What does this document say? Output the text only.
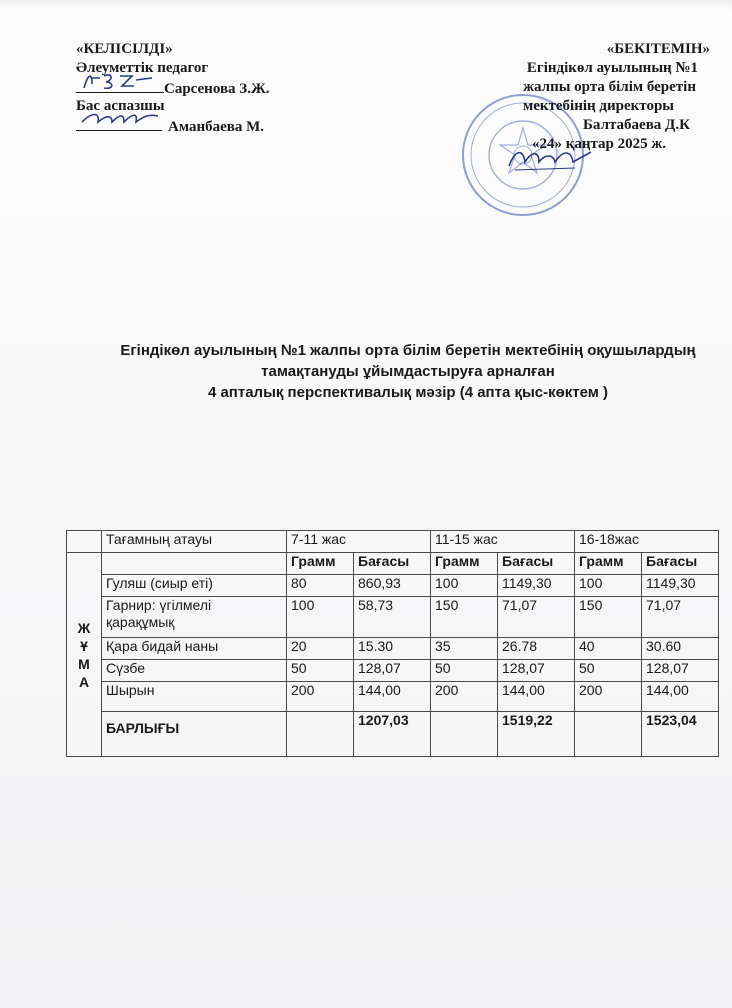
«КЕЛІСІЛДІ»
Әлеуметтік педагог
Сарсенова З.Ж.
Бас аспазшы
Аманбаева М.
«БЕКІТЕМІН»
Егіндікөл ауылының №1
жалпы орта білім беретін
мектебінің директоры
Балтабаева Д.К
«24» қаңтар 2025 ж.
Егіндікөл ауылының №1 жалпы орта білім беретін мектебінің оқушылардың
тамақтануды ұйымдастыруға арналған
4 апталық перспективалық мәзір (4 апта қыс-көктем )
	Тағамның атауы	7-11 жас		11-15 жас		16-18жас	

Ж Ұ М А		Грамм	Бағасы	Грамм	Бағасы	Грамм	Бағасы
	Гуляш (сиыр еті)	80	860,93	100	1149,30	100	1149,30
	Гарнир: үгілмелі қарақұмық	100	58,73	150	71,07	150	71,07
	Қара бидай наны	20	15.30	35	26.78	40	30.60
	Сүзбе	50	128,07	50	128,07	50	128,07
	Шырын	200	144,00	200	144,00	200	144,00
	БАРЛЫҒЫ		1207,03		1519,22		1523,04
